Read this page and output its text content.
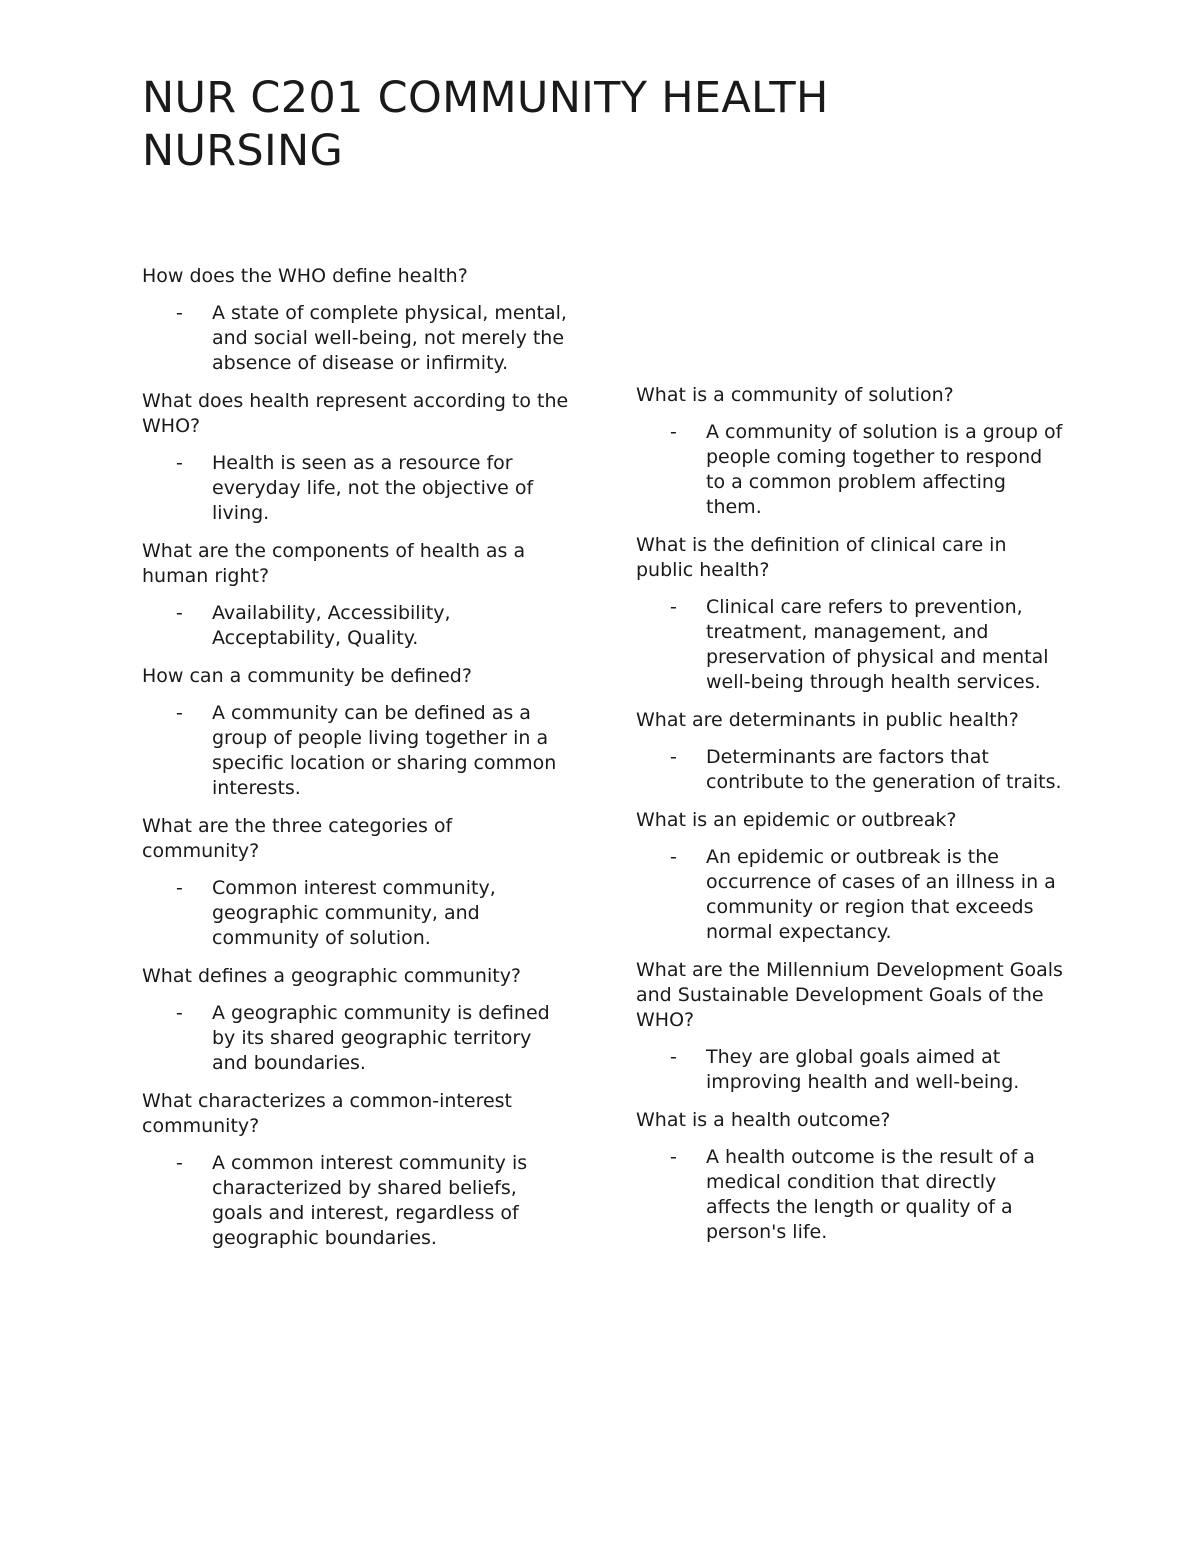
NUR C201 COMMUNITY HEALTH NURSING

How does the WHO define health?

- A state of complete physical, mental, and social well-being, not merely the absence of disease or infirmity.

What does health represent according to the WHO?

- Health is seen as a resource for everyday life, not the objective of living.

What are the components of health as a human right?

- Availability, Accessibility, Acceptability, Quality.

How can a community be defined?

- A community can be defined as a group of people living together in a specific location or sharing common interests.

What are the three categories of community?

- Common interest community, geographic community, and community of solution.

What defines a geographic community?

- A geographic community is defined by its shared geographic territory and boundaries.

What characterizes a common-interest community?

- A common interest community is characterized by shared beliefs, goals and interest, regardless of geographic boundaries.

What is a community of solution?

- A community of solution is a group of people coming together to respond to a common problem affecting them.

What is the definition of clinical care in public health?

- Clinical care refers to prevention, treatment, management, and preservation of physical and mental well-being through health services.

What are determinants in public health?

- Determinants are factors that contribute to the generation of traits.

What is an epidemic or outbreak?

- An epidemic or outbreak is the occurrence of cases of an illness in a community or region that exceeds normal expectancy.

What are the Millennium Development Goals and Sustainable Development Goals of the WHO?

- They are global goals aimed at improving health and well-being.

What is a health outcome?

- A health outcome is the result of a medical condition that directly affects the length or quality of a person's life.
